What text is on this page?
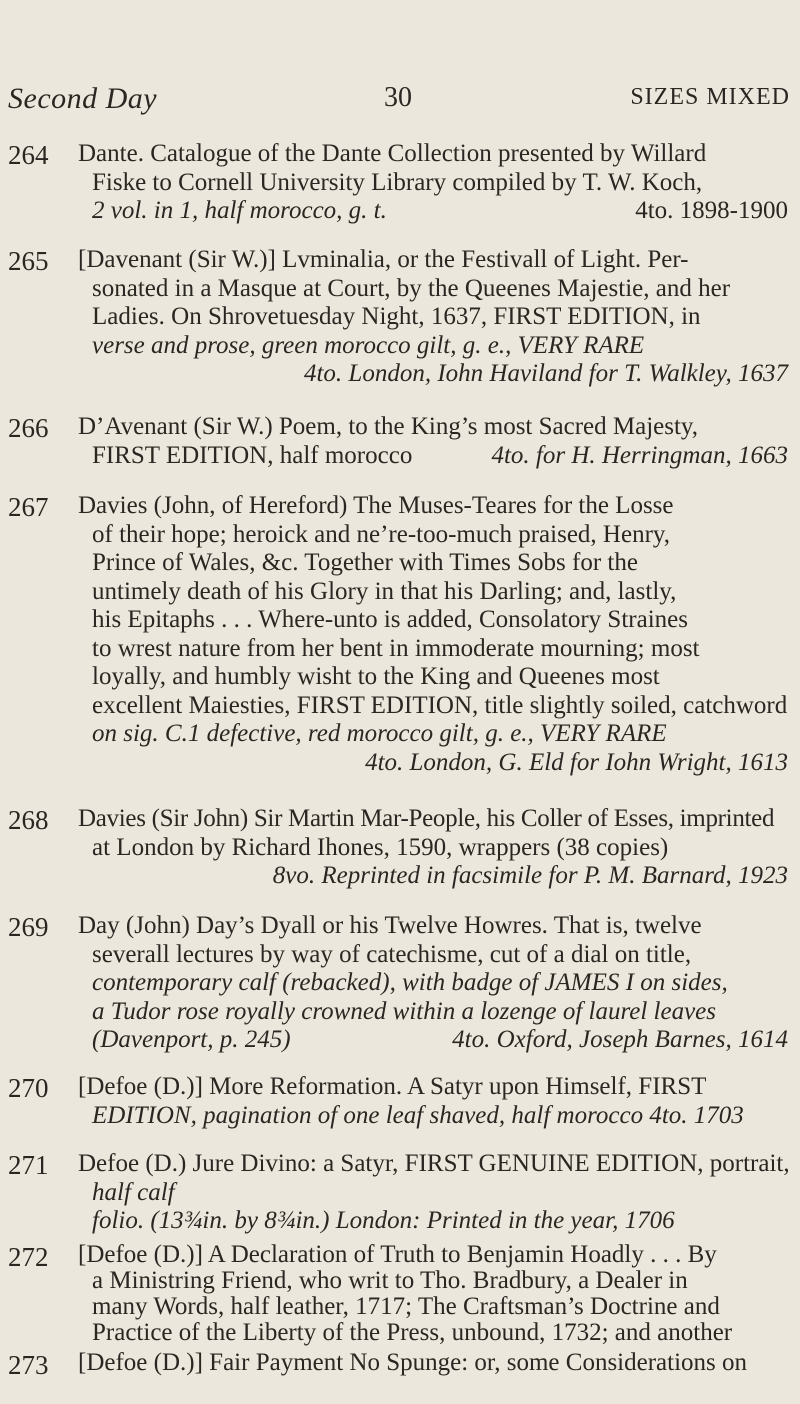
Second Day	30	SIZES MIXED
264 Dante. Catalogue of the Dante Collection presented by Willard
Fiske to Cornell University Library compiled by T. W. Koch,
2 vol. in 1, half morocco, g. t.	4to. 1898-1900
265 [Davenant (Sir W.)] Lvminalia, or the Festivall of Light. Per-
sonated in a Masque at Court, by the Queenes Majestie, and her
Ladies. On Shrovetuesday Night, 1637, FIRST EDITION, in
verse and prose, green morocco gilt, g. e., VERY RARE
4to. London, Iohn Haviland for T. Walkley, 1637
266 D’Avenant (Sir W.) Poem, to the King’s most Sacred Majesty,
FIRST EDITION, half morocco	4to. for H. Herringman, 1663
267 Davies (John, of Hereford) The Muses-Teares for the Losse
of their hope; heroick and ne’re-too-much praised, Henry,
Prince of Wales, &c. Together with Times Sobs for the
untimely death of his Glory in that his Darling; and, lastly,
his Epitaphs . . . Where-unto is added, Consolatory Straines
to wrest nature from her bent in immoderate mourning; most
loyally, and humbly wisht to the King and Queenes most
excellent Maiesties, FIRST EDITION, title slightly soiled, catchword
on sig. C.1 defective, red morocco gilt, g. e., VERY RARE
4to. London, G. Eld for Iohn Wright, 1613
268 Davies (Sir John) Sir Martin Mar-People, his Coller of Esses, imprinted
at London by Richard Ihones, 1590, wrappers (38 copies)
8vo. Reprinted in facsimile for P. M. Barnard, 1923
269 Day (John) Day’s Dyall or his Twelve Howres. That is, twelve
severall lectures by way of catechisme, cut of a dial on title,
contemporary calf (rebacked), with badge of JAMES I on sides,
a Tudor rose royally crowned within a lozenge of laurel leaves
(Davenport, p. 245)	4to. Oxford, Joseph Barnes, 1614
270 [Defoe (D.)] More Reformation. A Satyr upon Himself, FIRST
EDITION, pagination of one leaf shaved, half morocco 4to. 1703
271 Defoe (D.) Jure Divino: a Satyr, FIRST GENUINE EDITION, portrait,
half calf
folio. (13¾in. by 8¾in.) London: Printed in the year, 1706
272 [Defoe (D.)] A Declaration of Truth to Benjamin Hoadly . . . By
a Ministring Friend, who writ to Tho. Bradbury, a Dealer in
many Words, half leather, 1717; The Craftsman’s Doctrine and
Practice of the Liberty of the Press, unbound, 1732; and another
273 [Defoe (D.)] Fair Payment No Spunge: or, some Considerations on
